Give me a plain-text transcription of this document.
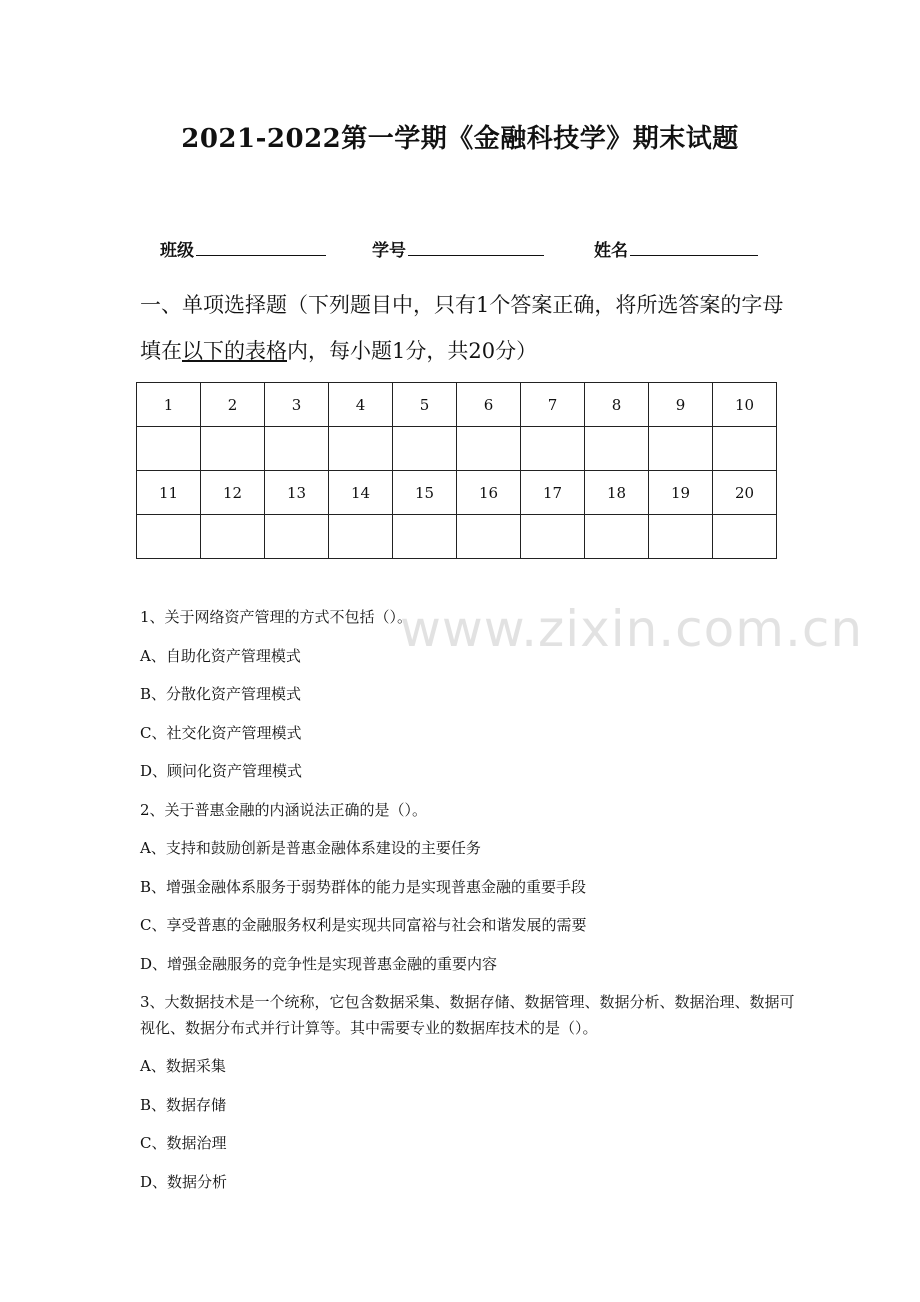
2021-2022第一学期《金融科技学》期末试题
班级	学号	姓名
一、单项选择题（下列题目中，只有1个答案正确，将所选答案的字母填在以下的表格内，每小题1分，共20分）
1	2	3	4	5	6	7	8	9	10

11	12	13	14	15	16	17	18	19	20

1、关于网络资产管理的方式不包括（）。

A、自助化资产管理模式

B、分散化资产管理模式

C、社交化资产管理模式

D、顾问化资产管理模式

2、关于普惠金融的内涵说法正确的是（）。

A、支持和鼓励创新是普惠金融体系建设的主要任务

B、增强金融体系服务于弱势群体的能力是实现普惠金融的重要手段

C、享受普惠的金融服务权利是实现共同富裕与社会和谐发展的需要

D、增强金融服务的竞争性是实现普惠金融的重要内容

3、大数据技术是一个统称，它包含数据采集、数据存储、数据管理、数据分析、数据治理、数据可视化、数据分布式并行计算等。其中需要专业的数据库技术的是（）。

A、数据采集

B、数据存储

C、数据治理

D、数据分析

www.zixin.com.cn
